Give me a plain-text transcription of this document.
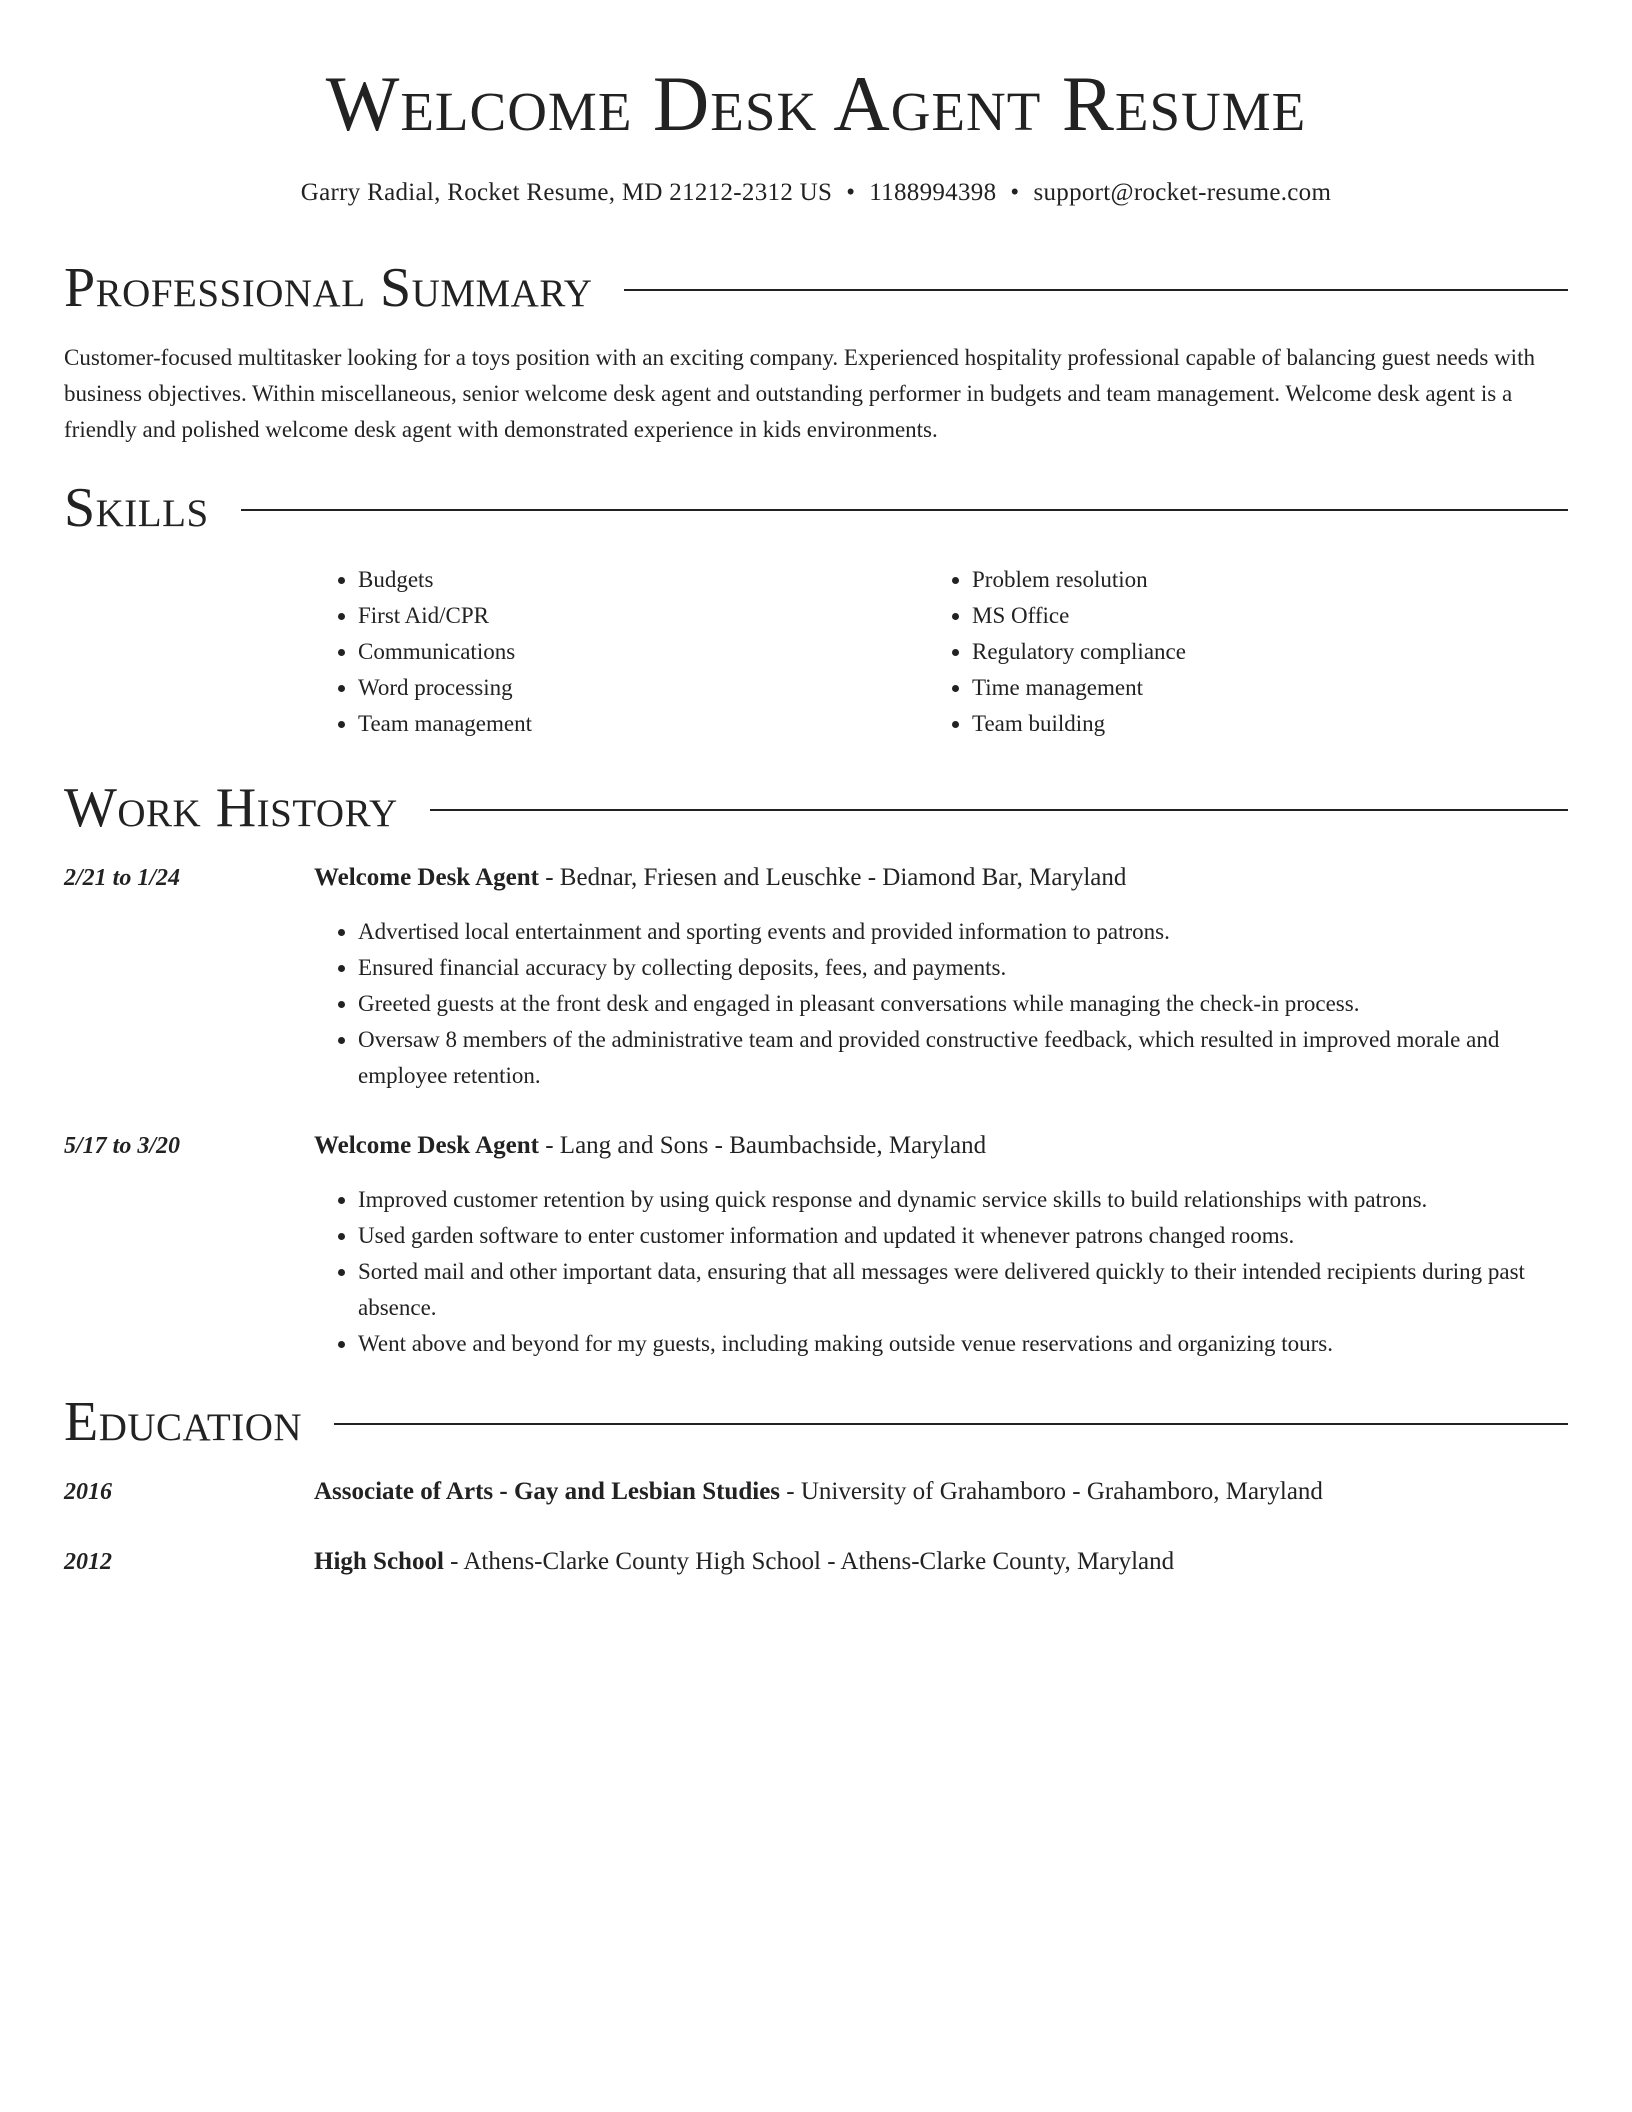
Welcome Desk Agent Resume
Garry Radial, Rocket Resume, MD 21212-2312 US • 1188994398 • support@rocket-resume.com
Professional Summary

Customer-focused multitasker looking for a toys position with an exciting company. Experienced hospitality professional capable of balancing guest needs with business objectives. Within miscellaneous, senior welcome desk agent and outstanding performer in budgets and team management. Welcome desk agent is a friendly and polished welcome desk agent with demonstrated experience in kids environments.

Skills
• Budgets
• First Aid/CPR
• Communications
• Word processing
• Team management
• Problem resolution
• MS Office
• Regulatory compliance
• Time management
• Team building
Work History
2/21 to 1/24	Welcome Desk Agent - Bednar, Friesen and Leuschke - Diamond Bar, Maryland
• Advertised local entertainment and sporting events and provided information to patrons.
• Ensured financial accuracy by collecting deposits, fees, and payments.
• Greeted guests at the front desk and engaged in pleasant conversations while managing the check-in process.
• Oversaw 8 members of the administrative team and provided constructive feedback, which resulted in improved morale and employee retention.
5/17 to 3/20	Welcome Desk Agent - Lang and Sons - Baumbachside, Maryland
• Improved customer retention by using quick response and dynamic service skills to build relationships with patrons.
• Used garden software to enter customer information and updated it whenever patrons changed rooms.
• Sorted mail and other important data, ensuring that all messages were delivered quickly to their intended recipients during past absence.
• Went above and beyond for my guests, including making outside venue reservations and organizing tours.
Education
2016	Associate of Arts - Gay and Lesbian Studies - University of Grahamboro - Grahamboro, Maryland
2012	High School - Athens-Clarke County High School - Athens-Clarke County, Maryland
